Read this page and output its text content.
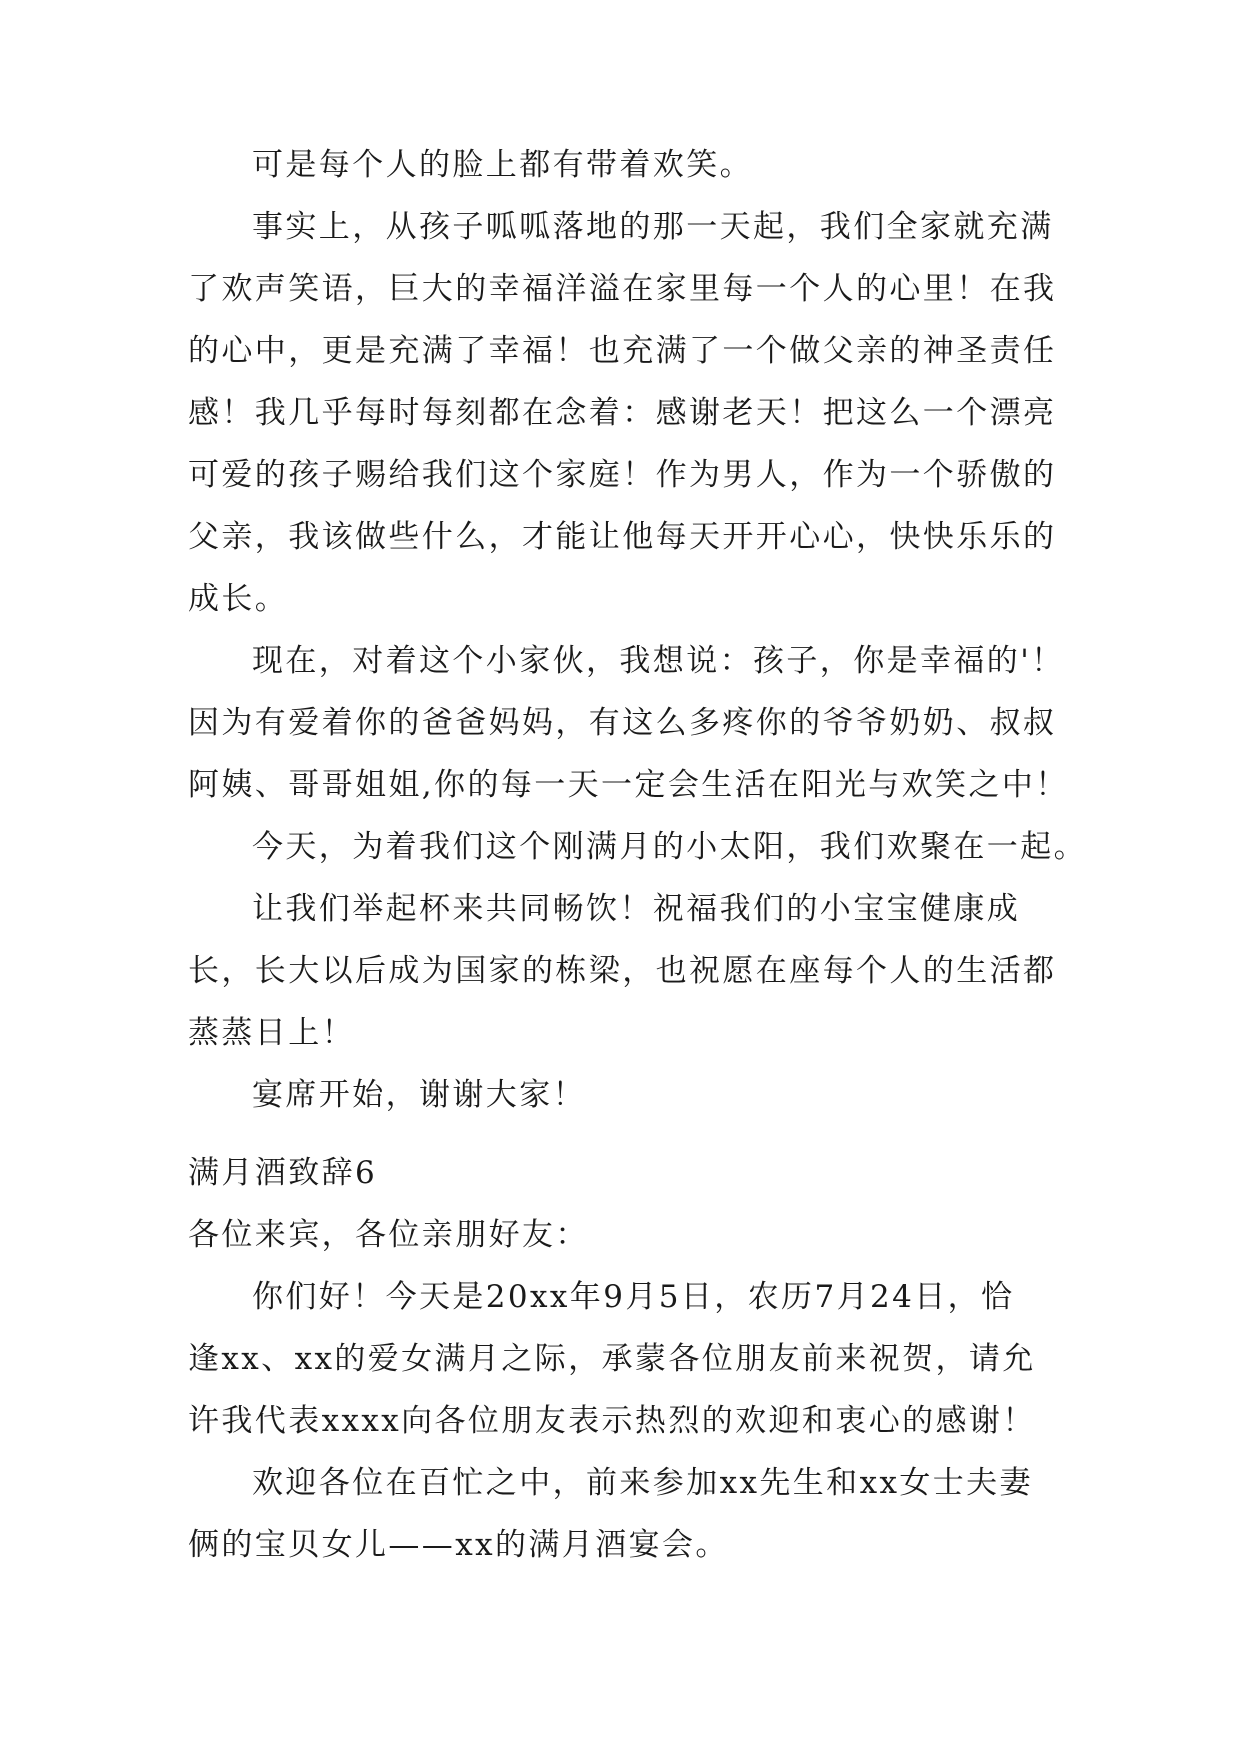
可是每个人的脸上都有带着欢笑。
事实上，从孩子呱呱落地的那一天起，我们全家就充满
了欢声笑语，巨大的幸福洋溢在家里每一个人的心里！在我
的心中，更是充满了幸福！也充满了一个做父亲的神圣责任
感！我几乎每时每刻都在念着：感谢老天！把这么一个漂亮
可爱的孩子赐给我们这个家庭！作为男人，作为一个骄傲的
父亲，我该做些什么，才能让他每天开开心心，快快乐乐的
成长。
现在，对着这个小家伙，我想说：孩子，你是幸福的'！
因为有爱着你的爸爸妈妈，有这么多疼你的爷爷奶奶、叔叔
阿姨、哥哥姐姐,你的每一天一定会生活在阳光与欢笑之中！
今天，为着我们这个刚满月的小太阳，我们欢聚在一起。
让我们举起杯来共同畅饮！祝福我们的小宝宝健康成
长，长大以后成为国家的栋梁，也祝愿在座每个人的生活都
蒸蒸日上！
宴席开始，谢谢大家！
满月酒致辞6
各位来宾，各位亲朋好友：
你们好！今天是20xx年9月5日，农历7月24日，恰
逢xx、xx的爱女满月之际，承蒙各位朋友前来祝贺，请允
许我代表xxxx向各位朋友表示热烈的欢迎和衷心的感谢！
欢迎各位在百忙之中，前来参加xx先生和xx女士夫妻
俩的宝贝女儿——xx的满月酒宴会。
